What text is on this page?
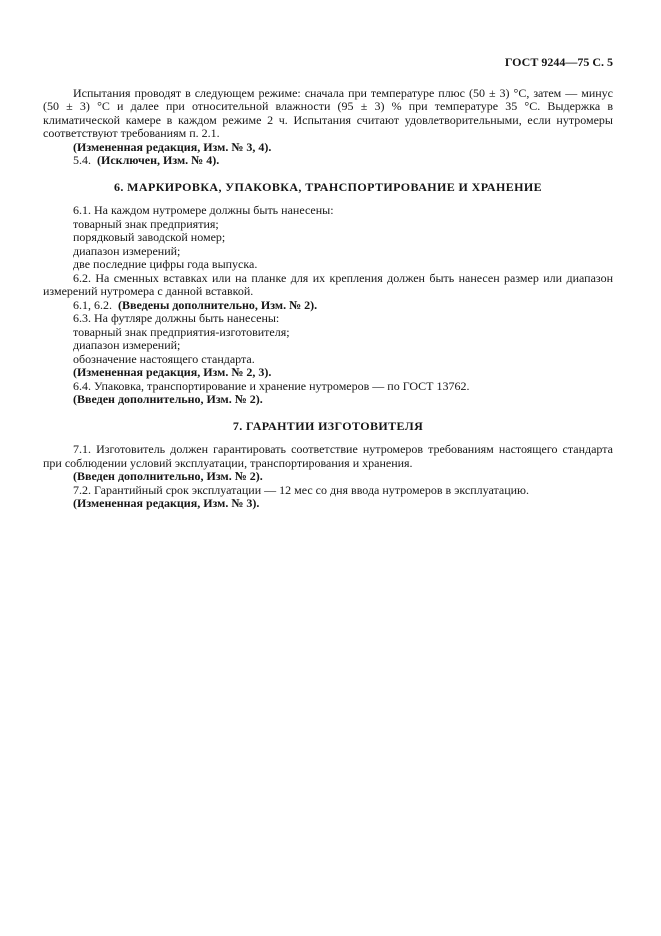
ГОСТ 9244—75 С. 5

Испытания проводят в следующем режиме: сначала при температуре плюс (50 ± 3) °С, затем — минус (50 ± 3) °С и далее при относительной влажности (95 ± 3) % при температуре 35 °С. Выдержка в климатической камере в каждом режиме 2 ч. Испытания считают удовлетворительными, если нутромеры соответствуют требованиям п. 2.1.

(Измененная редакция, Изм. № 3, 4).

5.4. (Исключен, Изм. № 4).

6. МАРКИРОВКА, УПАКОВКА, ТРАНСПОРТИРОВАНИЕ И ХРАНЕНИЕ

6.1. На каждом нутромере должны быть нанесены:

товарный знак предприятия;

порядковый заводской номер;

диапазон измерений;

две последние цифры года выпуска.

6.2. На сменных вставках или на планке для их крепления должен быть нанесен размер или диапазон измерений нутромера с данной вставкой.

6.1, 6.2. (Введены дополнительно, Изм. № 2).

6.3. На футляре должны быть нанесены:

товарный знак предприятия-изготовителя;

диапазон измерений;

обозначение настоящего стандарта.

(Измененная редакция, Изм. № 2, 3).

6.4. Упаковка, транспортирование и хранение нутромеров — по ГОСТ 13762.

(Введен дополнительно, Изм. № 2).

7. ГАРАНТИИ ИЗГОТОВИТЕЛЯ

7.1. Изготовитель должен гарантировать соответствие нутромеров требованиям настоящего стандарта при соблюдении условий эксплуатации, транспортирования и хранения.

(Введен дополнительно, Изм. № 2).

7.2. Гарантийный срок эксплуатации — 12 мес со дня ввода нутромеров в эксплуатацию.

(Измененная редакция, Изм. № 3).
